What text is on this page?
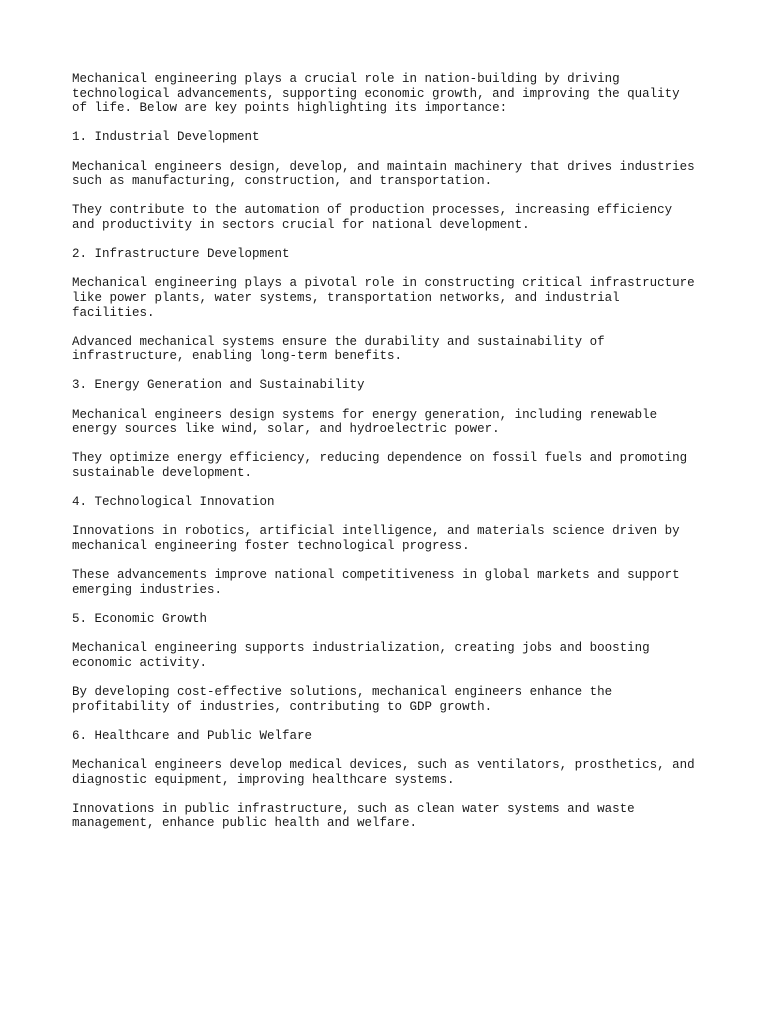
Mechanical engineering plays a crucial role in nation-building by driving
technological advancements, supporting economic growth, and improving the quality
of life. Below are key points highlighting its importance:

1. Industrial Development

Mechanical engineers design, develop, and maintain machinery that drives industries
such as manufacturing, construction, and transportation.

They contribute to the automation of production processes, increasing efficiency
and productivity in sectors crucial for national development.

2. Infrastructure Development

Mechanical engineering plays a pivotal role in constructing critical infrastructure
like power plants, water systems, transportation networks, and industrial
facilities.

Advanced mechanical systems ensure the durability and sustainability of
infrastructure, enabling long-term benefits.

3. Energy Generation and Sustainability

Mechanical engineers design systems for energy generation, including renewable
energy sources like wind, solar, and hydroelectric power.

They optimize energy efficiency, reducing dependence on fossil fuels and promoting
sustainable development.

4. Technological Innovation

Innovations in robotics, artificial intelligence, and materials science driven by
mechanical engineering foster technological progress.

These advancements improve national competitiveness in global markets and support
emerging industries.

5. Economic Growth

Mechanical engineering supports industrialization, creating jobs and boosting
economic activity.

By developing cost-effective solutions, mechanical engineers enhance the
profitability of industries, contributing to GDP growth.

6. Healthcare and Public Welfare

Mechanical engineers develop medical devices, such as ventilators, prosthetics, and
diagnostic equipment, improving healthcare systems.

Innovations in public infrastructure, such as clean water systems and waste
management, enhance public health and welfare.
